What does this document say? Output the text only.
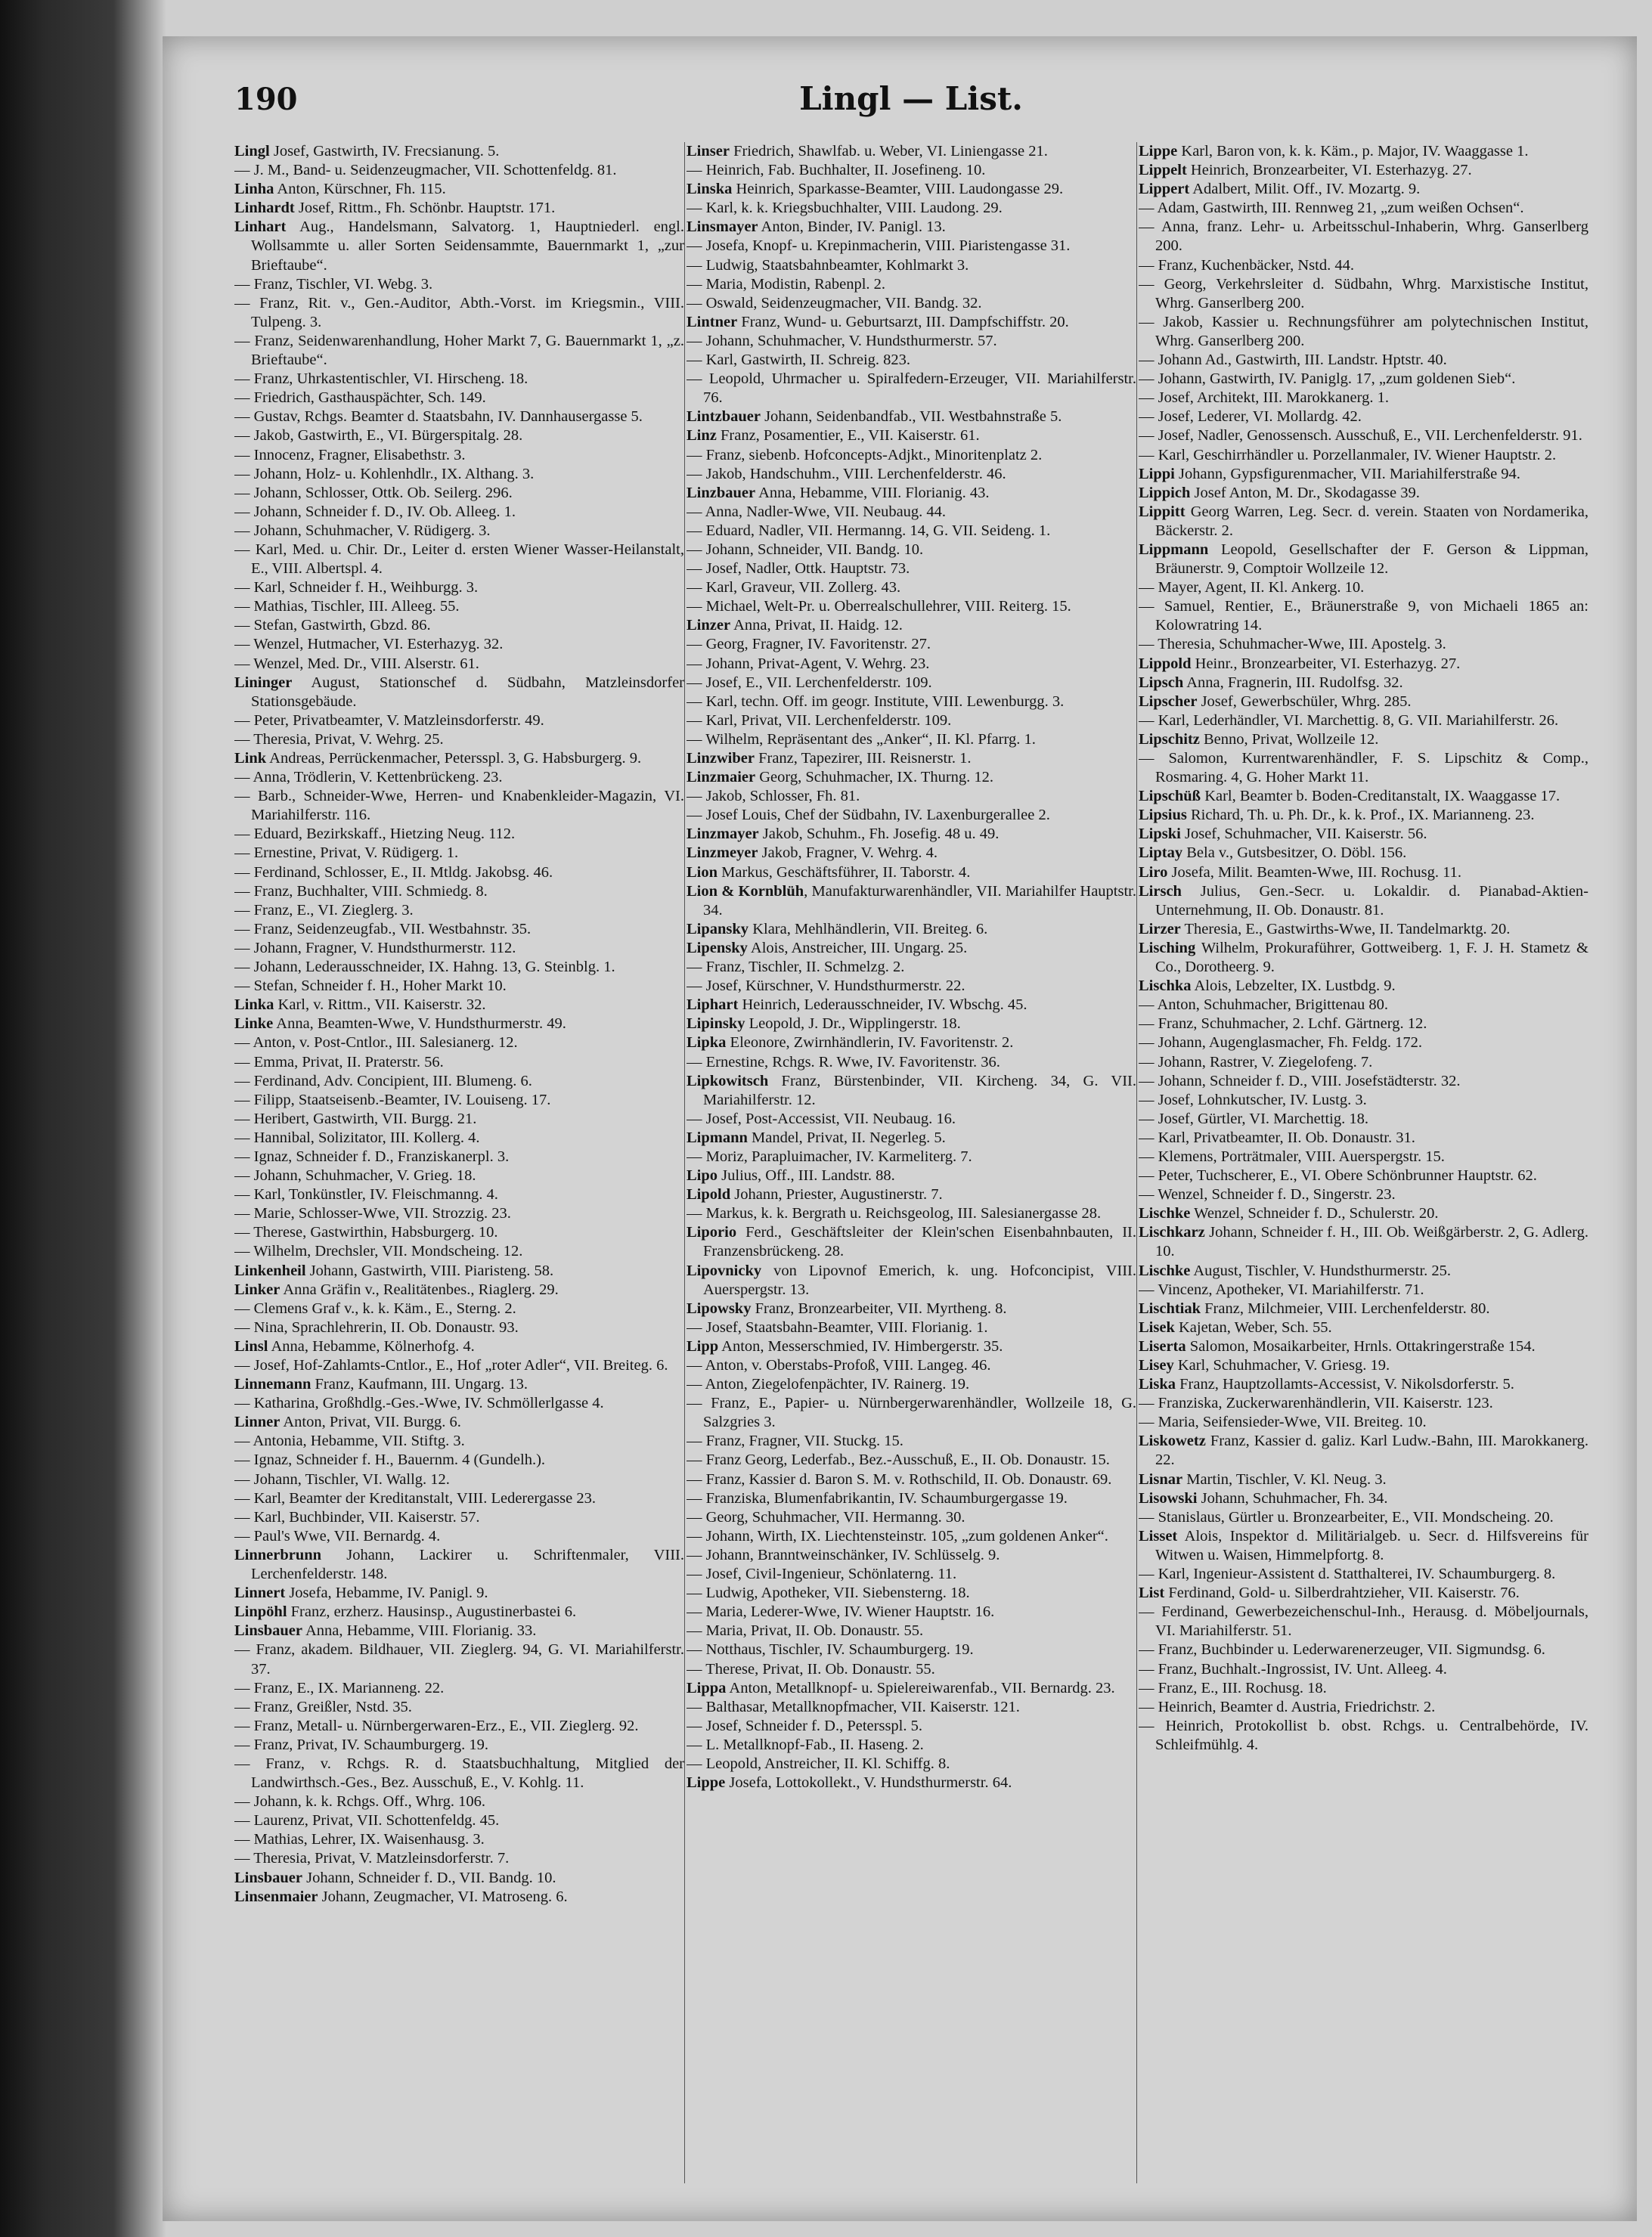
190	Lingl — List.

Lingl Josef, Gastwirth, IV. Frecsianung. 5.

— J. M., Band- u. Seidenzeugmacher, VII. Schottenfeldg. 81.

Linha Anton, Kürschner, Fh. 115.

Linhardt Josef, Rittm., Fh. Schönbr. Hauptstr. 171.

Linhart Aug., Handelsmann, Salvatorg. 1, Hauptniederl. engl. Wollsammte u. aller Sorten Seidensammte, Bauernmarkt 1, „zur Brieftaube“.

— Franz, Tischler, VI. Webg. 3.

— Franz, Rit. v., Gen.-Auditor, Abth.-Vorst. im Kriegsmin., VIII. Tulpeng. 3.

— Franz, Seidenwarenhandlung, Hoher Markt 7, G. Bauernmarkt 1, „z. Brieftaube“.

— Franz, Uhrkastentischler, VI. Hirscheng. 18.

— Friedrich, Gasthauspächter, Sch. 149.

— Gustav, Rchgs. Beamter d. Staatsbahn, IV. Dannhausergasse 5.

— Jakob, Gastwirth, E., VI. Bürgerspitalg. 28.

— Innocenz, Fragner, Elisabethstr. 3.

— Johann, Holz- u. Kohlenhdlr., IX. Althang. 3.

— Johann, Schlosser, Ottk. Ob. Seilerg. 296.

— Johann, Schneider f. D., IV. Ob. Alleeg. 1.

— Johann, Schuhmacher, V. Rüdigerg. 3.

— Karl, Med. u. Chir. Dr., Leiter d. ersten Wiener Wasser-Heilanstalt, E., VIII. Albertspl. 4.

— Karl, Schneider f. H., Weihburgg. 3.

— Mathias, Tischler, III. Alleeg. 55.

— Stefan, Gastwirth, Gbzd. 86.

— Wenzel, Hutmacher, VI. Esterhazyg. 32.

— Wenzel, Med. Dr., VIII. Alserstr. 61.

Lininger August, Stationschef d. Südbahn, Matzleinsdorfer Stationsgebäude.

— Peter, Privatbeamter, V. Matzleinsdorferstr. 49.

— Theresia, Privat, V. Wehrg. 25.

Link Andreas, Perrückenmacher, Petersspl. 3, G. Habsburgerg. 9.

— Anna, Trödlerin, V. Kettenbrückeng. 23.

— Barb., Schneider-Wwe, Herren- und Knabenkleider-Magazin, VI. Mariahilferstr. 116.

— Eduard, Bezirkskaff., Hietzing Neug. 112.

— Ernestine, Privat, V. Rüdigerg. 1.

— Ferdinand, Schlosser, E., II. Mtldg. Jakobsg. 46.

— Franz, Buchhalter, VIII. Schmiedg. 8.

— Franz, E., VI. Zieglerg. 3.

— Franz, Seidenzeugfab., VII. Westbahnstr. 35.

— Johann, Fragner, V. Hundsthurmerstr. 112.

— Johann, Lederausschneider, IX. Hahng. 13, G. Steinblg. 1.

— Stefan, Schneider f. H., Hoher Markt 10.

Linka Karl, v. Rittm., VII. Kaiserstr. 32.

Linke Anna, Beamten-Wwe, V. Hundsthurmerstr. 49.

— Anton, v. Post-Cntlor., III. Salesianerg. 12.

— Emma, Privat, II. Praterstr. 56.

— Ferdinand, Adv. Concipient, III. Blumeng. 6.

— Filipp, Staatseisenb.-Beamter, IV. Louiseng. 17.

— Heribert, Gastwirth, VII. Burgg. 21.

— Hannibal, Solizitator, III. Kollerg. 4.

— Ignaz, Schneider f. D., Franziskanerpl. 3.

— Johann, Schuhmacher, V. Grieg. 18.

— Karl, Tonkünstler, IV. Fleischmanng. 4.

— Marie, Schlosser-Wwe, VII. Strozzig. 23.

— Therese, Gastwirthin, Habsburgerg. 10.

— Wilhelm, Drechsler, VII. Mondscheing. 12.

Linkenheil Johann, Gastwirth, VIII. Piaristeng. 58.

Linker Anna Gräfin v., Realitätenbes., Riaglerg. 29.

— Clemens Graf v., k. k. Käm., E., Sterng. 2.

— Nina, Sprachlehrerin, II. Ob. Donaustr. 93.

Linsl Anna, Hebamme, Kölnerhofg. 4.

— Josef, Hof-Zahlamts-Cntlor., E., Hof „roter Adler“, VII. Breiteg. 6.

Linnemann Franz, Kaufmann, III. Ungarg. 13.

— Katharina, Großhdlg.-Ges.-Wwe, IV. Schmöllerlgasse 4.

Linner Anton, Privat, VII. Burgg. 6.

— Antonia, Hebamme, VII. Stiftg. 3.

— Ignaz, Schneider f. H., Bauernm. 4 (Gundelh.).

— Johann, Tischler, VI. Wallg. 12.

— Karl, Beamter der Kreditanstalt, VIII. Lederergasse 23.

— Karl, Buchbinder, VII. Kaiserstr. 57.

— Paul's Wwe, VII. Bernardg. 4.

Linnerbrunn Johann, Lackirer u. Schriftenmaler, VIII. Lerchenfelderstr. 148.

Linnert Josefa, Hebamme, IV. Panigl. 9.

Linpöhl Franz, erzherz. Hausinsp., Augustinerbastei 6.

Linsbauer Anna, Hebamme, VIII. Florianig. 33.

— Franz, akadem. Bildhauer, VII. Zieglerg. 94, G. VI. Mariahilferstr. 37.

— Franz, E., IX. Marianneng. 22.

— Franz, Greißler, Nstd. 35.

— Franz, Metall- u. Nürnbergerwaren-Erz., E., VII. Zieglerg. 92.

— Franz, Privat, IV. Schaumburgerg. 19.

— Franz, v. Rchgs. R. d. Staatsbuchhaltung, Mitglied der Landwirthsch.-Ges., Bez. Ausschuß, E., V. Kohlg. 11.

— Johann, k. k. Rchgs. Off., Whrg. 106.

— Laurenz, Privat, VII. Schottenfeldg. 45.

— Mathias, Lehrer, IX. Waisenhausg. 3.

— Theresia, Privat, V. Matzleinsdorferstr. 7.

Linsbauer Johann, Schneider f. D., VII. Bandg. 10.

Linsenmaier Johann, Zeugmacher, VI. Matroseng. 6.

Linser Friedrich, Shawlfab. u. Weber, VI. Liniengasse 21.

— Heinrich, Fab. Buchhalter, II. Josefineng. 10.

Linska Heinrich, Sparkasse-Beamter, VIII. Laudongasse 29.

— Karl, k. k. Kriegsbuchhalter, VIII. Laudong. 29.

Linsmayer Anton, Binder, IV. Panigl. 13.

— Josefa, Knopf- u. Krepinmacherin, VIII. Piaristengasse 31.

— Ludwig, Staatsbahnbeamter, Kohlmarkt 3.

— Maria, Modistin, Rabenpl. 2.

— Oswald, Seidenzeugmacher, VII. Bandg. 32.

Lintner Franz, Wund- u. Geburtsarzt, III. Dampfschiffstr. 20.

— Johann, Schuhmacher, V. Hundsthurmerstr. 57.

— Karl, Gastwirth, II. Schreig. 823.

— Leopold, Uhrmacher u. Spiralfedern-Erzeuger, VII. Mariahilferstr. 76.

Lintzbauer Johann, Seidenbandfab., VII. Westbahnstraße 5.

Linz Franz, Posamentier, E., VII. Kaiserstr. 61.

— Franz, siebenb. Hofconcepts-Adjkt., Minoritenplatz 2.

— Jakob, Handschuhm., VIII. Lerchenfelderstr. 46.

Linzbauer Anna, Hebamme, VIII. Florianig. 43.

— Anna, Nadler-Wwe, VII. Neubaug. 44.

— Eduard, Nadler, VII. Hermanng. 14, G. VII. Seideng. 1.

— Johann, Schneider, VII. Bandg. 10.

— Josef, Nadler, Ottk. Hauptstr. 73.

— Karl, Graveur, VII. Zollerg. 43.

— Michael, Welt-Pr. u. Oberrealschullehrer, VIII. Reiterg. 15.

Linzer Anna, Privat, II. Haidg. 12.

— Georg, Fragner, IV. Favoritenstr. 27.

— Johann, Privat-Agent, V. Wehrg. 23.

— Josef, E., VII. Lerchenfelderstr. 109.

— Karl, techn. Off. im geogr. Institute, VIII. Lewenburgg. 3.

— Karl, Privat, VII. Lerchenfelderstr. 109.

— Wilhelm, Repräsentant des „Anker“, II. Kl. Pfarrg. 1.

Linzwiber Franz, Tapezirer, III. Reisnerstr. 1.

Linzmaier Georg, Schuhmacher, IX. Thurng. 12.

— Jakob, Schlosser, Fh. 81.

— Josef Louis, Chef der Südbahn, IV. Laxenburgerallee 2.

Linzmayer Jakob, Schuhm., Fh. Josefig. 48 u. 49.

Linzmeyer Jakob, Fragner, V. Wehrg. 4.

Lion Markus, Geschäftsführer, II. Taborstr. 4.

Lion & Kornblüh, Manufakturwarenhändler, VII. Mariahilfer Hauptstr. 34.

Lipansky Klara, Mehlhändlerin, VII. Breiteg. 6.

Lipensky Alois, Anstreicher, III. Ungarg. 25.

— Franz, Tischler, II. Schmelzg. 2.

— Josef, Kürschner, V. Hundsthurmerstr. 22.

Liphart Heinrich, Lederausschneider, IV. Wbschg. 45.

Lipinsky Leopold, J. Dr., Wipplingerstr. 18.

Lipka Eleonore, Zwirnhändlerin, IV. Favoritenstr. 2.

— Ernestine, Rchgs. R. Wwe, IV. Favoritenstr. 36.

Lipkowitsch Franz, Bürstenbinder, VII. Kircheng. 34, G. VII. Mariahilferstr. 12.

— Josef, Post-Accessist, VII. Neubaug. 16.

Lipmann Mandel, Privat, II. Negerleg. 5.

— Moriz, Parapluimacher, IV. Karmeliterg. 7.

Lipo Julius, Off., III. Landstr. 88.

Lipold Johann, Priester, Augustinerstr. 7.

— Markus, k. k. Bergrath u. Reichsgeolog, III. Salesianergasse 28.

Liporio Ferd., Geschäftsleiter der Klein'schen Eisenbahnbauten, II. Franzensbrückeng. 28.

Lipovnicky von Lipovnof Emerich, k. ung. Hofconcipist, VIII. Auerspergstr. 13.

Lipowsky Franz, Bronzearbeiter, VII. Myrtheng. 8.

— Josef, Staatsbahn-Beamter, VIII. Florianig. 1.

Lipp Anton, Messerschmied, IV. Himbergerstr. 35.

— Anton, v. Oberstabs-Profoß, VIII. Langeg. 46.

— Anton, Ziegelofenpächter, IV. Rainerg. 19.

— Franz, E., Papier- u. Nürnbergerwarenhändler, Wollzeile 18, G. Salzgries 3.

— Franz, Fragner, VII. Stuckg. 15.

— Franz Georg, Lederfab., Bez.-Ausschuß, E., II. Ob. Donaustr. 15.

— Franz, Kassier d. Baron S. M. v. Rothschild, II. Ob. Donaustr. 69.

— Franziska, Blumenfabrikantin, IV. Schaumburgergasse 19.

— Georg, Schuhmacher, VII. Hermanng. 30.

— Johann, Wirth, IX. Liechtensteinstr. 105, „zum goldenen Anker“.

— Johann, Branntweinschänker, IV. Schlüsselg. 9.

— Josef, Civil-Ingenieur, Schönlaterng. 11.

— Ludwig, Apotheker, VII. Siebensterng. 18.

— Maria, Lederer-Wwe, IV. Wiener Hauptstr. 16.

— Maria, Privat, II. Ob. Donaustr. 55.

— Notthaus, Tischler, IV. Schaumburgerg. 19.

— Therese, Privat, II. Ob. Donaustr. 55.

Lippa Anton, Metallknopf- u. Spielereiwarenfab., VII. Bernardg. 23.

— Balthasar, Metallknopfmacher, VII. Kaiserstr. 121.

— Josef, Schneider f. D., Petersspl. 5.

— L. Metallknopf-Fab., II. Haseng. 2.

— Leopold, Anstreicher, II. Kl. Schiffg. 8.

Lippe Josefa, Lottokollekt., V. Hundsthurmerstr. 64.

Lippe Karl, Baron von, k. k. Käm., p. Major, IV. Waaggasse 1.

Lippelt Heinrich, Bronzearbeiter, VI. Esterhazyg. 27.

Lippert Adalbert, Milit. Off., IV. Mozartg. 9.

— Adam, Gastwirth, III. Rennweg 21, „zum weißen Ochsen“.

— Anna, franz. Lehr- u. Arbeitsschul-Inhaberin, Whrg. Ganserlberg 200.

— Franz, Kuchenbäcker, Nstd. 44.

— Georg, Verkehrsleiter d. Südbahn, Whrg. Marxistische Institut, Whrg. Ganserlberg 200.

— Jakob, Kassier u. Rechnungsführer am polytechnischen Institut, Whrg. Ganserlberg 200.

— Johann Ad., Gastwirth, III. Landstr. Hptstr. 40.

— Johann, Gastwirth, IV. Paniglg. 17, „zum goldenen Sieb“.

— Josef, Architekt, III. Marokkanerg. 1.

— Josef, Lederer, VI. Mollardg. 42.

— Josef, Nadler, Genossensch. Ausschuß, E., VII. Lerchenfelderstr. 91.

— Karl, Geschirrhändler u. Porzellanmaler, IV. Wiener Hauptstr. 2.

Lippi Johann, Gypsfigurenmacher, VII. Mariahilferstraße 94.

Lippich Josef Anton, M. Dr., Skodagasse 39.

Lippitt Georg Warren, Leg. Secr. d. verein. Staaten von Nordamerika, Bäckerstr. 2.

Lippmann Leopold, Gesellschafter der F. Gerson & Lippman, Bräunerstr. 9, Comptoir Wollzeile 12.

— Mayer, Agent, II. Kl. Ankerg. 10.

— Samuel, Rentier, E., Bräunerstraße 9, von Michaeli 1865 an: Kolowratring 14.

— Theresia, Schuhmacher-Wwe, III. Apostelg. 3.

Lippold Heinr., Bronzearbeiter, VI. Esterhazyg. 27.

Lipsch Anna, Fragnerin, III. Rudolfsg. 32.

Lipscher Josef, Gewerbschüler, Whrg. 285.

— Karl, Lederhändler, VI. Marchettig. 8, G. VII. Mariahilferstr. 26.

Lipschitz Benno, Privat, Wollzeile 12.

— Salomon, Kurrentwarenhändler, F. S. Lipschitz & Comp., Rosmaring. 4, G. Hoher Markt 11.

Lipschüß Karl, Beamter b. Boden-Creditanstalt, IX. Waaggasse 17.

Lipsius Richard, Th. u. Ph. Dr., k. k. Prof., IX. Marianneng. 23.

Lipski Josef, Schuhmacher, VII. Kaiserstr. 56.

Liptay Bela v., Gutsbesitzer, O. Döbl. 156.

Liro Josefa, Milit. Beamten-Wwe, III. Rochusg. 11.

Lirsch Julius, Gen.-Secr. u. Lokaldir. d. Pianabad-Aktien-Unternehmung, II. Ob. Donaustr. 81.

Lirzer Theresia, E., Gastwirths-Wwe, II. Tandelmarktg. 20.

Lisching Wilhelm, Prokuraführer, Gottweiberg. 1, F. J. H. Stametz & Co., Dorotheerg. 9.

Lischka Alois, Lebzelter, IX. Lustbdg. 9.

— Anton, Schuhmacher, Brigittenau 80.

— Franz, Schuhmacher, 2. Lchf. Gärtnerg. 12.

— Johann, Augenglasmacher, Fh. Feldg. 172.

— Johann, Rastrer, V. Ziegelofeng. 7.

— Johann, Schneider f. D., VIII. Josefstädterstr. 32.

— Josef, Lohnkutscher, IV. Lustg. 3.

— Josef, Gürtler, VI. Marchettig. 18.

— Karl, Privatbeamter, II. Ob. Donaustr. 31.

— Klemens, Porträtmaler, VIII. Auerspergstr. 15.

— Peter, Tuchscherer, E., VI. Obere Schönbrunner Hauptstr. 62.

— Wenzel, Schneider f. D., Singerstr. 23.

Lischke Wenzel, Schneider f. D., Schulerstr. 20.

Lischkarz Johann, Schneider f. H., III. Ob. Weißgärberstr. 2, G. Adlerg. 10.

Lischke August, Tischler, V. Hundsthurmerstr. 25.

— Vincenz, Apotheker, VI. Mariahilferstr. 71.

Lischtiak Franz, Milchmeier, VIII. Lerchenfelderstr. 80.

Lisek Kajetan, Weber, Sch. 55.

Liserta Salomon, Mosaikarbeiter, Hrnls. Ottakringerstraße 154.

Lisey Karl, Schuhmacher, V. Griesg. 19.

Liska Franz, Hauptzollamts-Accessist, V. Nikolsdorferstr. 5.

— Franziska, Zuckerwarenhändlerin, VII. Kaiserstr. 123.

— Maria, Seifensieder-Wwe, VII. Breiteg. 10.

Liskowetz Franz, Kassier d. galiz. Karl Ludw.-Bahn, III. Marokkanerg. 22.

Lisnar Martin, Tischler, V. Kl. Neug. 3.

Lisowski Johann, Schuhmacher, Fh. 34.

— Stanislaus, Gürtler u. Bronzearbeiter, E., VII. Mondscheing. 20.

Lisset Alois, Inspektor d. Militärialgeb. u. Secr. d. Hilfsvereins für Witwen u. Waisen, Himmelpfortg. 8.

— Karl, Ingenieur-Assistent d. Statthalterei, IV. Schaumburgerg. 8.

List Ferdinand, Gold- u. Silberdrahtzieher, VII. Kaiserstr. 76.

— Ferdinand, Gewerbezeichenschul-Inh., Herausg. d. Möbeljournals, VI. Mariahilferstr. 51.

— Franz, Buchbinder u. Lederwarenerzeuger, VII. Sigmundsg. 6.

— Franz, Buchhalt.-Ingrossist, IV. Unt. Alleeg. 4.

— Franz, E., III. Rochusg. 18.

— Heinrich, Beamter d. Austria, Friedrichstr. 2.

— Heinrich, Protokollist b. obst. Rchgs. u. Centralbehörde, IV. Schleifmühlg. 4.
